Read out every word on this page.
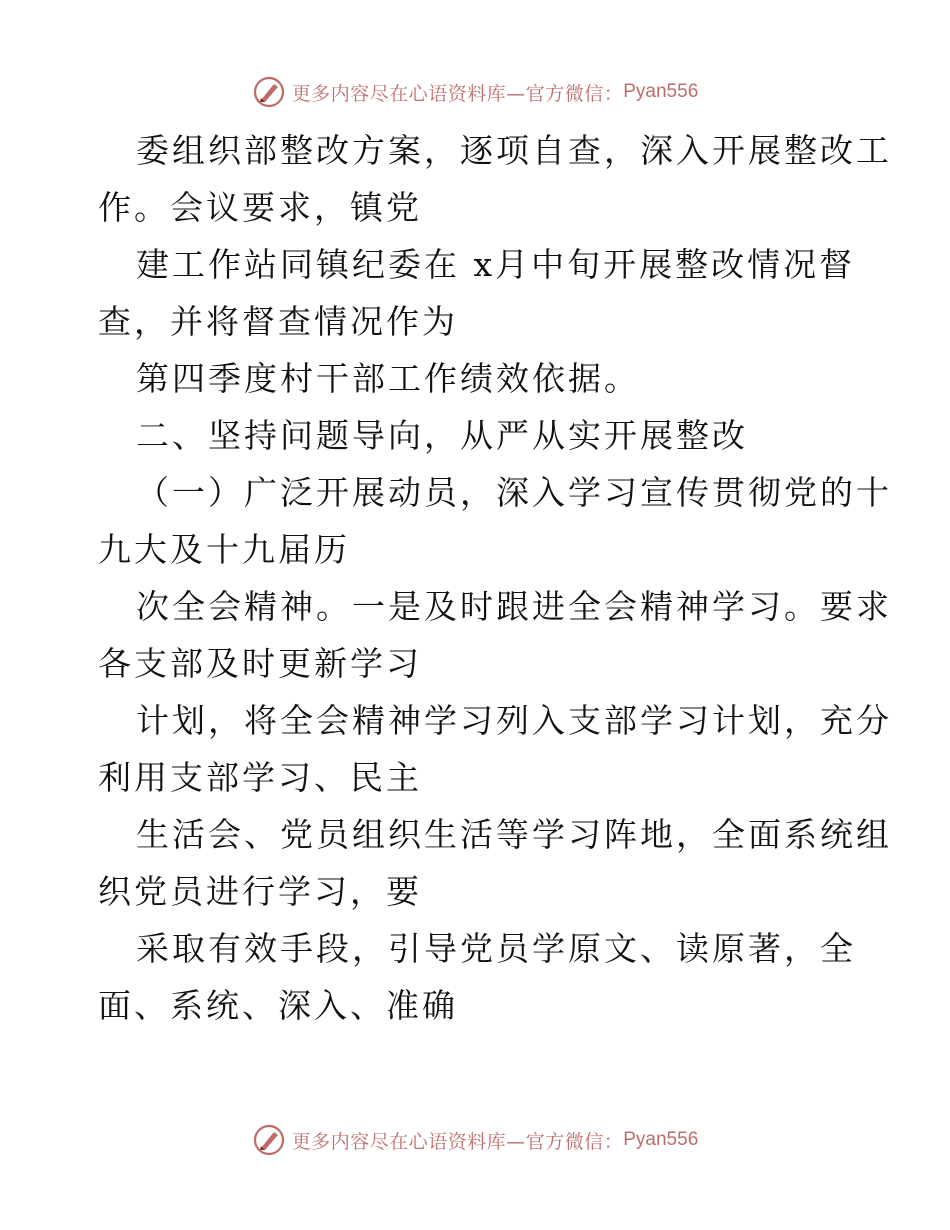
更多内容尽在心语资料库—官方微信： Pyan556
委组织部整改方案，逐项自查，深入开展整改工
作。会议要求，镇党
建工作站同镇纪委在 x月中旬开展整改情况督
查，并将督查情况作为
第四季度村干部工作绩效依据。
二、坚持问题导向，从严从实开展整改
（一）广泛开展动员，深入学习宣传贯彻党的十
九大及十九届历
次全会精神。一是及时跟进全会精神学习。要求
各支部及时更新学习
计划，将全会精神学习列入支部学习计划，充分
利用支部学习、民主
生活会、党员组织生活等学习阵地，全面系统组
织党员进行学习，要
采取有效手段，引导党员学原文、读原著，全
面、系统、深入、准确
更多内容尽在心语资料库—官方微信： Pyan556
